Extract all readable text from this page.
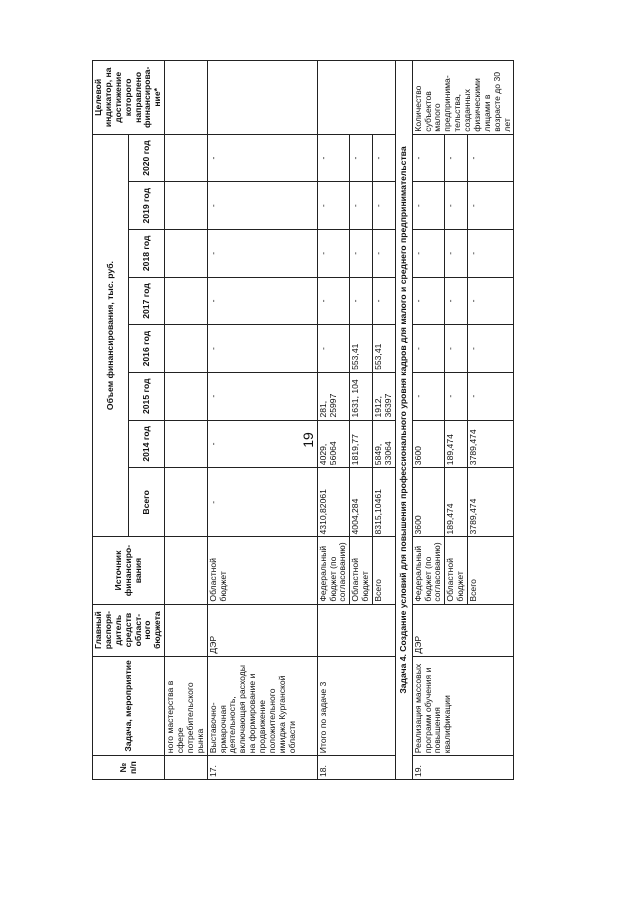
19
№ п/п	Задача, мероприятие	Главный распоря-дитель средств област-ного бюджета	Источник финансиро-вания	Объем финансирования, тыс. руб.								Целевой индикатор, на достижение которого направлено финансирова-ние*
				Всего	2014 год	2015 год	2016 год	2017 год	2018 год	2019 год	2020 год	
	ного мастерства в сфере потребительского рынка											
17.	Выставочно-ярмарочная деятельность, включающая расходы на формирование и продвижение положительного имиджа Курганской области	ДЭР	Областной бюджет	-	-	-	-	-	-	-	-	
18.	Итого по задаче 3		Федеральный бюджет (по согласованию)	4310,82061	4029, 56064	281, 25997	-	-	-	-	-	
			Областной бюджет	4004,284	1819,77	1631, 104	553,41	-	-	-	-	
			Всего	8315,10461	5849, 33064	1912, 36397	553,41	-	-	-	-	
Задача 4. Создание условий для повышения профессионального уровня кадров для малого и среднего предпринимательства												
19.	Реализация массовых программ обучения и повышения квалификации	ДЭР	Федеральный бюджет (по согласованию)	3600	3600	-	-	-	-	-	-	Количество субъектов малого предпринима-тельства, созданных физическими лицами в возрасте до 30 лет
			Областной бюджет	189,474	189,474	-	-	-	-	-	-	
			Всего	3789,474	3789,474	-	-	-	-	-	-	
